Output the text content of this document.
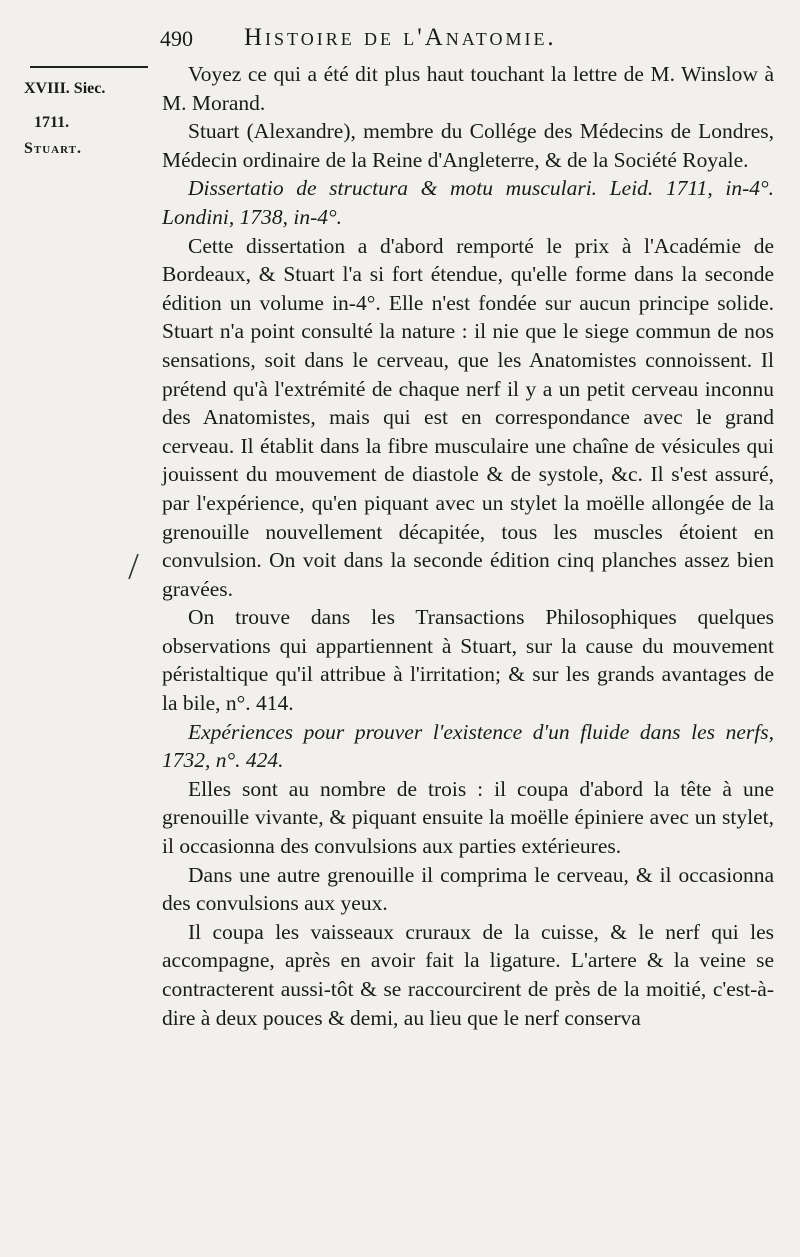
490 Histoire de l'Anatomie.
XVIII. Siec.
1711.
Stuart.

Voyez ce qui a été dit plus haut touchant la lettre de M. Winslow à M. Morand.

Stuart (Alexandre), membre du Collége des Médecins de Londres, Médecin ordinaire de la Reine d'Angleterre, & de la Société Royale.

Dissertatio de structura & motu musculari. Leid. 1711, in-4°. Londini, 1738, in-4°.

Cette dissertation a d'abord remporté le prix à l'Académie de Bordeaux, & Stuart l'a si fort étendue, qu'elle forme dans la seconde édition un volume in-4°. Elle n'est fondée sur aucun principe solide. Stuart n'a point consulté la nature : il nie que le siege commun de nos sensations, soit dans le cerveau, que les Anatomistes connoissent. Il prétend qu'à l'extrémité de chaque nerf il y a un petit cerveau inconnu des Anatomistes, mais qui est en correspondance avec le grand cerveau. Il établit dans la fibre musculaire une chaîne de vésicules qui jouissent du mouvement de diastole & de systole, &c. Il s'est assuré, par l'expérience, qu'en piquant avec un stylet la moëlle allongée de la grenouille nouvellement décapitée, tous les muscles étoient en convulsion. On voit dans la seconde édition cinq planches assez bien gravées.

On trouve dans les Transactions Philosophiques quelques observations qui appartiennent à Stuart, sur la cause du mouvement péristaltique qu'il attribue à l'irritation; & sur les grands avantages de la bile, n°. 414.

Expériences pour prouver l'existence d'un fluide dans les nerfs, 1732, n°. 424.

Elles sont au nombre de trois : il coupa d'abord la tête à une grenouille vivante, & piquant ensuite la moëlle épiniere avec un stylet, il occasionna des convulsions aux parties extérieures.

Dans une autre grenouille il comprima le cerveau, & il occasionna des convulsions aux yeux.

Il coupa les vaisseaux cruraux de la cuisse, & le nerf qui les accompagne, après en avoir fait la ligature. L'artere & la veine se contracterent aussi-tôt & se raccourcirent de près de la moitié, c'est-à-dire à deux pouces & demi, au lieu que le nerf conserva
